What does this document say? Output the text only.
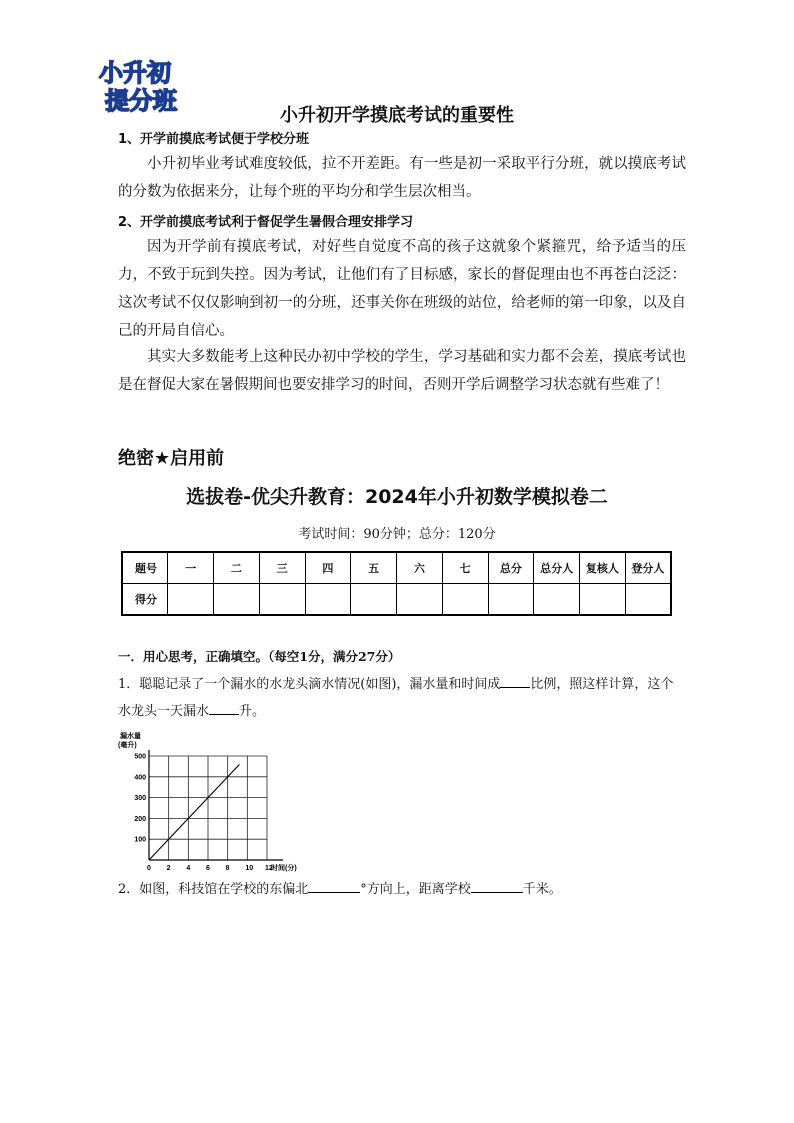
小升初
提分班
小升初开学摸底考试的重要性
1、开学前摸底考试便于学校分班
小升初毕业考试难度较低，拉不开差距。有一些是初一采取平行分班，就以摸底考试的分数为依据来分，让每个班的平均分和学生层次相当。
2、开学前摸底考试利于督促学生暑假合理安排学习
因为开学前有摸底考试，对好些自觉度不高的孩子这就象个紧箍咒，给予适当的压力，不致于玩到失控。因为考试，让他们有了目标感，家长的督促理由也不再苍白泛泛：这次考试不仅仅影响到初一的分班，还事关你在班级的站位，给老师的第一印象，以及自己的开局自信心。
其实大多数能考上这种民办初中学校的学生，学习基础和实力都不会差，摸底考试也是在督促大家在暑假期间也要安排学习的时间，否则开学后调整学习状态就有些难了！
绝密★启用前
选拔卷-优尖升教育：2024年小升初数学模拟卷二
考试时间：90分钟；总分：120分
题号	一	二	三	四	五	六	七	总分	总分人	复核人	登分人
得分											
一．用心思考，正确填空。（每空1分，满分27分）
1．聪聪记录了一个漏水的水龙头滴水情况(如图)，漏水量和时间成 比例，照这样计算，这个水龙头一天漏水 升。
漏水量
(毫升)
0 2 4 6 8 10 12
100
200
300
400
500
时间(分)
2．如图，科技馆在学校的东偏北	°方向上，距离学校	千米。
